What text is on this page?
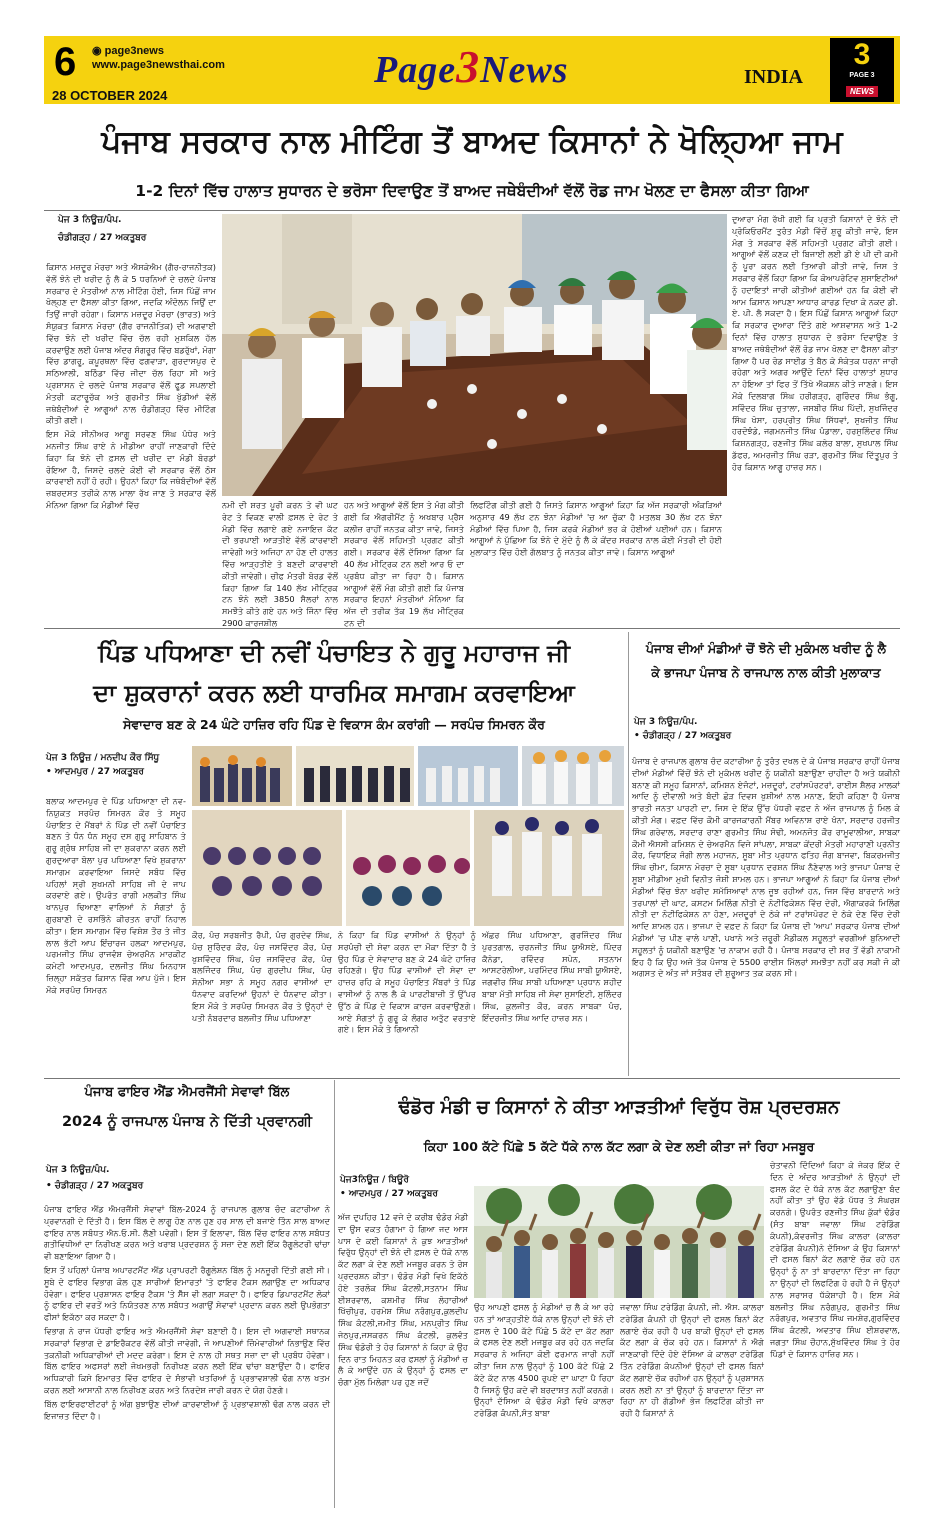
6 ◉ page3news
www.page3newsthai.com
28 OCTOBER 2024
Page3News	INDIA
3
PAGE 3
NEWS
ਪੰਜਾਬ ਸਰਕਾਰ ਨਾਲ ਮੀਟਿੰਗ ਤੋਂ ਬਾਅਦ ਕਿਸਾਨਾਂ ਨੇ ਖੋਲ੍ਹਿਆ ਜਾਮ
1-2 ਦਿਨਾਂ ਵਿੱਚ ਹਾਲਾਤ ਸੁਧਾਰਨ ਦੇ ਭਰੋਸਾ ਦਿਵਾਉਣ ਤੋਂ ਬਾਅਦ ਜਥੇਬੰਦੀਆਂ ਵੱਲੋਂ ਰੋਡ ਜਾਮ ਖੋਲਣ ਦਾ ਫੈਸਲਾ ਕੀਤਾ ਗਿਆ
ਪੇਜ 3 ਨਿਊਜ਼/ਪੰਪ.
ਚੰਡੀਗੜ੍ਹ / 27 ਅਕਤੂਬਰ

ਕਿਸਾਨ ਮਜ਼ਦੂਰ ਮੋਰਚਾ ਅਤੇ ਐਸਕੇਐਮ (ਗੈਰ-ਰਾਜਨੀਤਕ) ਵੱਲੋਂ ਝੋਨੇ ਦੀ ਖਰੀਦ ਨੂੰ ਲੈ ਕੇ 5 ਧਰਨਿਆਂ ਦੇ ਚਲਦੇ ਪੰਜਾਬ ਸਰਕਾਰ ਦੇ ਮੰਤਰੀਆਂ ਨਾਲ ਮੀਟਿੰਗ ਹੋਈ, ਜਿਸ ਪਿੱਛੋਂ ਜਾਮ ਖੋਲ੍ਹਣ ਦਾ ਫੈਸਲਾ ਕੀਤਾ ਗਿਆ, ਜਦਕਿ ਅੰਦੋਲਨ ਜਿਉਂ ਦਾ ਤਿਉਂ ਜਾਰੀ ਰਹੇਗਾ। ਕਿਸਾਨ ਮਜ਼ਦੂਰ ਮੋਰਚਾ (ਭਾਰਤ) ਅਤੇ ਸੰਯੁਕਤ ਕਿਸਾਨ ਮੋਰਚਾ (ਗੈਰ ਰਾਜਨੀਤਿਕ) ਦੀ ਅਗਵਾਈ ਵਿੱਚ ਝੋਨੇ ਦੀ ਖਰੀਦ ਵਿੱਚ ਚੱਲ ਰਹੀ ਮੁਸ਼ਕਿਲ ਹੱਲ ਕਰਵਾਉਣ ਲਈ ਪੰਜਾਬ ਅੰਦਰ ਸੰਗਰੂਰ ਵਿੱਚ ਬਡਰੁੱਖਾਂ, ਮੋਗਾ ਵਿੱਚ ਡਾਗਰੂ, ਕਪੂਰਥਲਾ ਵਿੱਚ ਫਗਵਾੜਾ, ਗੁਰਦਾਸਪੁਰ ਦੇ ਸਠਿਆਲੀ, ਬਠਿੰਡਾ ਵਿੱਚ ਜੀਦਾ ਚੱਲ ਰਿਹਾ ਸੀ ਅਤੇ ਪ੍ਰਸ਼ਾਸਨ ਦੇ ਚਲਦੇ ਪੰਜਾਬ ਸਰਕਾਰ ਵੱਲੋਂ ਫੂਡ ਸਪਲਾਈ ਮੰਤਰੀ ਕਟਾਰੂਚੱਕ ਅਤੇ ਗੁਰਮੀਤ ਸਿੰਘ ਖੁੱਡੀਆਂ ਵੱਲੋਂ ਜਥੇਬੰਦੀਆਂ ਦੇ ਆਗੂਆਂ ਨਾਲ ਚੰਡੀਗੜ੍ਹ ਵਿੱਚ ਮੀਟਿੰਗ ਕੀਤੀ ਗਈ।

ਇਸ ਮੌਕੇ ਸੀਨੀਅਰ ਆਗੂ ਸਰਵਣ ਸਿੰਘ ਪੰਧੇਰ ਅਤੇ ਮਨਜੀਤ ਸਿੰਘ ਰਾਏ ਨੇ ਮੀਡੀਆ ਰਾਹੀਂ ਜਾਣਕਾਰੀ ਦਿੰਦੇ ਕਿਹਾ ਕਿ ਝੋਨੇ ਦੀ ਫ਼ਸਲ ਦੀ ਖਰੀਦ ਦਾ ਮੰਡੀ ਬੋਰਡਾਂ ਰੋਇਆ ਹੈ, ਜਿਸਦੇ ਚਲਦੇ ਕੋਈ ਵੀ ਸਰਕਾਰ ਵੱਲੋਂ ਠੋਸ ਕਾਰਵਾਈ ਨਹੀਂ ਹੋ ਰਹੀ। ਉਹਨਾਂ ਕਿਹਾ ਕਿ ਜਥੇਬੰਦੀਆਂ ਵੱਲੋਂ ਜ਼ਬਰਦਸਤ ਤਰੀਕੇ ਨਾਲ ਮਾਲਾ ਰੱਖ ਜਾਣ ਤੇ ਸਰਕਾਰ ਵੱਲੋਂ ਮੰਨਿਆ ਗਿਆ ਕਿ ਮੰਡੀਆਂ ਵਿੱਚ	ਨਮੀ ਦੀ ਸ਼ਰਤ ਪੂਰੀ ਕਰਨ ਤੇ ਵੀ ਘਟ ਰੇਟ ਤੇ ਵਿਕਣ ਵਾਲੀ ਫ਼ਸਲ ਦੇ ਰੇਟ ਤੇ ਮੰਡੀ ਵਿੱਚ ਲਗਾਏ ਗਏ ਨਜਾਇਜ਼ ਕੱਟ ਦੀ ਭਰਪਾਈ ਆੜਤੀਏ ਵੱਲੋਂ ਕਾਰਵਾਈ ਜਾਵੇਗੀ ਅਤੇ ਅਜਿਹਾ ਨਾ ਹੋਣ ਦੀ ਹਾਲਤ ਵਿੱਚ ਆੜ੍ਹਤੀਏ ਤੇ ਬਣਦੀ ਕਾਰਵਾਈ ਕੀਤੀ ਜਾਵੇਗੀ। ਚੀਫ ਮੰਤਰੀ ਬੋਰਡ ਵੱਲੋਂ ਕਿਹਾ ਗਿਆ ਕਿ 140 ਲੱਖ ਮੀਟ੍ਰਿਕ ਟਨ ਝੋਨੇ ਲਈ 3850 ਸੈਲਰਾਂ ਨਾਲ ਸਮਝੌਤੇ ਕੀਤੇ ਗਏ ਹਨ ਅਤੇ ਜਿੰਨਾ ਵਿੱਚ 2900 ਕਾਰਜਸ਼ੀਲ

ਹਨ ਅਤੇ ਆਗੂਆਂ ਵੱਲੋਂ ਇਸ ਤੇ ਮੰਗ ਕੀਤੀ ਗਈ ਕਿ ਐਗਰੀਮੈਂਟ ਨੂੰ ਅਖਬਾਰ ਪ੍ਰੈਸ ਕਲੀਜ਼ ਰਾਹੀਂ ਜਨਤਕ ਕੀਤਾ ਜਾਵੇ, ਜਿਸਤੇ ਸਰਕਾਰ ਵੱਲੋਂ ਸਹਿਮਤੀ ਪ੍ਰਗਟ ਕੀਤੀ ਗਈ। ਸਰਕਾਰ ਵੱਲੋਂ ਦੱਸਿਆ ਗਿਆ ਕਿ 40 ਲੱਖ ਮੀਟ੍ਰਿਕ ਟਨ ਲਈ ਆਰ ਓ ਦਾ ਪ੍ਰਬੰਧ ਕੀਤਾ ਜਾ ਰਿਹਾ ਹੈ। ਕਿਸਾਨ ਆਗੂਆਂ ਵੱਲੋਂ ਮੰਗ ਕੀਤੀ ਗਈ ਕਿ ਪੰਜਾਬ ਸਰਕਾਰ ਇਹਨਾਂ ਮੰਤਰੀਆਂ ਮੰਨਿਆ ਕਿ ਅੱਜ ਦੀ ਤਰੀਕ ਤੱਕ 19 ਲੱਖ ਮੀਟ੍ਰਿਕ ਟਨ ਦੀ

ਲਿਫਟਿੰਗ ਕੀਤੀ ਗਈ ਹੈ ਜਿਸਤੇ ਕਿਸਾਨ ਆਗੂਆਂ ਕਿਹਾ ਕਿ ਅੱਜ ਸਰਕਾਰੀ ਅੰਕੜਿਆਂ ਅਨੁਸਾਰ 49 ਲੱਖ ਟਨ ਝੋਨਾ ਮੰਡੀਆਂ 'ਚ ਆ ਚੁੱਕਾ ਹੈ ਮਤਲਬ 30 ਲੱਖ ਟਨ ਝੋਨਾ ਮੰਡੀਆਂ ਵਿੱਚ ਪਿਆ ਹੈ, ਜਿਸ ਕਰਕੇ ਮੰਡੀਆਂ ਭਰ ਕੇ ਹੋਈਆਂ ਪਈਆਂ ਹਨ। ਕਿਸਾਨ ਆਗੂਆਂ ਨੇ ਪੁੱਛਿਆ ਕਿ ਝੋਨੇ ਦੇ ਮੁੱਦੇ ਨੂੰ ਲੈ ਕੇ ਕੇਂਦਰ ਸਰਕਾਰ ਨਾਲ ਕੋਈ ਮੰਤਰੀ ਦੀ ਹੋਈ ਮੁਲਾਕਾਤ ਵਿੱਚ ਹੋਈ ਗੱਲਬਾਤ ਨੂੰ ਜਨਤਕ ਕੀਤਾ ਜਾਵੇ। ਕਿਸਾਨ ਆਗੂਆਂ

ਦੁਆਰਾ ਮੰਗ ਰੱਖੀ ਗਈ ਕਿ ਪ੍ਰਤੀ ਕਿਸਾਨਾਂ ਦੇ ਝੋਨੇ ਦੀ ਪ੍ਰੋਕਿਓਰਮੈਂਟ ਤੁਰੰਤ ਮੰਡੀ ਵਿੱਚੋਂ ਸ਼ੁਰੂ ਕੀਤੀ ਜਾਵੇ, ਇਸ ਮੰਗ ਤੇ ਸਰਕਾਰ ਵੱਲੋਂ ਸਹਿਮਤੀ ਪ੍ਰਗਟ ਕੀਤੀ ਗਈ। ਆਗੂਆਂ ਵੱਲੋਂ ਕਣਕ ਦੀ ਬਿਜਾਈ ਲਈ ਡੀ ਏ ਪੀ ਦੀ ਕਮੀ ਨੂੰ ਪੂਰਾ ਕਰਨ ਲਈ ਤਿਆਰੀ ਕੀਤੀ ਜਾਵੇ, ਜਿਸ ਤੇ ਸਰਕਾਰ ਵੱਲੋਂ ਕਿਹਾ ਗਿਆ ਕਿ ਕੋਆਪਰੇਟਿਵ ਸੁਸਾਇਟੀਆਂ ਨੂੰ ਹਦਾਇਤਾਂ ਜਾਰੀ ਕੀਤੀਆਂ ਗਈਆਂ ਹਨ ਕਿ ਕੋਈ ਵੀ ਆਮ ਕਿਸਾਨ ਆਪਣਾ ਆਧਾਰ ਕਾਰਡ ਦਿਖਾ ਕੇ ਨਕਦ ਡੀ. ਏ. ਪੀ. ਲੈ ਸਕਦਾ ਹੈ। ਇਸ ਪਿੱਛੋਂ ਕਿਸਾਨ ਆਗੂਆਂ ਕਿਹਾ ਕਿ ਸਰਕਾਰ ਦੁਆਰਾ ਦਿੱਤੇ ਗਏ ਆਸ਼ਵਾਸਨ ਅਤੇ 1-2 ਦਿਨਾਂ ਵਿੱਚ ਹਾਲਾਤ ਸੁਧਾਰਨ ਦੇ ਭਰੋਸਾ ਦਿਵਾਉਣ ਤੇ ਬਾਅਦ ਜਥੇਬੰਦੀਆਂ ਵੱਲੋਂ ਰੋਡ ਜਾਮ ਖੋਲਣ ਦਾ ਫੈਸਲਾ ਕੀਤਾ ਗਿਆ ਹੈ ਪਰ ਰੋਡ ਸਾਈਡ ਤੇ ਬੈਠ ਕੇ ਸੰਕੇਤਕ ਧਰਨਾ ਜਾਰੀ ਰਹੇਗਾ ਅਤੇ ਅਗਰ ਆਉਂਦੇ ਦਿਨਾਂ ਵਿੱਚ ਹਾਲਾਤਾਂ ਸੁਧਾਰ ਨਾ ਹੋਇਆ ਤਾਂ ਫਿਰ ਤੋਂ ਤਿੱਖੇ ਐਕਸ਼ਨ ਕੀਤੇ ਜਾਣਗੇ। ਇਸ ਮੌਕੇ ਦਿਲਬਾਗ ਸਿੰਘ ਹਰੀਗੜ੍ਹ, ਗੁਰਿੰਦਰ ਸਿੰਘ ਭੰਗੂ, ਸਵਿੰਦਰ ਸਿੰਘ ਚੁਤਾਲਾ, ਜਸਬੀਰ ਸਿੰਘ ਪਿੱਦੀ, ਸੁਖਜਿੰਦਰ ਸਿੰਘ ਖੋਸਾ, ਹਰਪ੍ਰੀਤ ਸਿੰਘ ਸਿੱਧਵਾਂ, ਸੁਖਜੀਤ ਸਿੰਘ ਹਰਦੋਝੰਡੇ, ਜਗਮਨਜੀਤ ਸਿੰਘ ਪੰਡਾਲਾ, ਹਰਸੁਲਿੰਦਰ ਸਿੰਘ ਕਿਸ਼ਨਗੜ੍ਹ, ਰਣਜੀਤ ਸਿੰਘ ਕਲੇਰ ਬਾਲਾ, ਸੁਖਪਾਲ ਸਿੰਘ ਡੱਫਰ, ਅਮਰਜੀਤ ਸਿੰਘ ਰੜਾ, ਗੁਰਮੀਤ ਸਿੰਘ ਦਿੱਤੂਪੁਰ ਤੇ ਹੋਰ ਕਿਸਾਨ ਆਗੂ ਹਾਜ਼ਰ ਸਨ।

ਪਿੰਡ ਪਧਿਆਣਾ ਦੀ ਨਵੀਂ ਪੰਚਾਇਤ ਨੇ ਗੁਰੂ ਮਹਾਰਾਜ ਜੀ
ਦਾ ਸ਼ੁਕਰਾਨਾਂ ਕਰਨ ਲਈ ਧਾਰਮਿਕ ਸਮਾਗਮ ਕਰਵਾਇਆ
ਸੇਵਾਦਾਰ ਬਣ ਕੇ 24 ਘੰਟੇ ਹਾਜ਼ਿਰ ਰਹਿ ਪਿੰਡ ਦੇ ਵਿਕਾਸ ਕੰਮ ਕਰਾਂਗੀ — ਸਰਪੰਚ ਸਿਮਰਨ ਕੌਰ
ਪੇਜ 3 ਨਿਊਜ਼ / ਮਨਦੀਪ ਕੌਰ ਸਿੱਧੂ
• ਆਦਮਪੁਰ / 27 ਅਕਤੂਬਰ

ਬਲਾਕ ਆਦਮਪੁਰ ਦੇ ਪਿੰਡ ਪਧਿਆਣਾ ਦੀ ਨਵ-ਨਿਯੁਕਤ ਸਰਪੰਚ ਸਿਮਰਨ ਕੌਰ ਤੇ ਸਮੂਹ ਪੰਚਾਇਤ ਦੇ ਮੈਂਬਰਾਂ ਨੇ ਪਿੰਡ ਦੀ ਨਵੀਂ ਪੰਚਾਇਤ ਬਣਨ ਤੇ ਧੰਨ ਧੰਨ ਸਮੂਹ ਦਸ ਗੁਰੂ ਸਾਹਿਬਾਨ ਤੇ ਗੁਰੂ ਗ੍ਰੰਥ ਸਾਹਿਬ ਜੀ ਦਾ ਸ਼ੁਕਰਾਨਾ ਕਰਨ ਲਈ ਗੁਰਦੁਆਰਾ ਬੋਲਾ ਪੁਰ ਪਧਿਆਣਾ ਵਿਖੇ ਸ਼ੁਕਰਾਨਾ ਸਮਾਗਮ ਕਰਵਾਇਆ ਜਿਸਦੇ ਸਬੰਧ ਵਿੱਚ ਪਹਿਲਾਂ ਸ੍ਰੀ ਸੁਖਮਨੀ ਸਾਹਿਬ ਜੀ ਦੇ ਜਾਪ ਕਰਵਾਏ ਗਏ। ਉਪਰੰਤ ਰਾਗੀ ਮਲਕੀਤ ਸਿੰਘ ਖਾਨਪੁਰ ਢਿਆਣਾ ਵਾਲਿਆਂ ਨੇ ਸੰਗਤਾਂ ਨੂੰ ਗੁਰਬਾਣੀ ਦੇ ਰਸਭਿੰਨੇ ਕੀਰਤਨ ਰਾਹੀਂ ਨਿਹਾਲ ਕੀਤਾ। ਇਸ ਸਮਾਗਮ ਵਿੱਚ ਵਿਸ਼ੇਸ਼ ਤੌਰ ਤੇ ਜੀਤ ਲਾਲ ਭੱਟੀ ਆਪ ਇੰਚਾਰਜ ਹਲਕਾ ਆਦਮਪੁਰ, ਪਰਮਜੀਤ ਸਿੰਘ ਰਾਜਵੰਸ਼ ਚੇਅਰਮੈਨ ਮਾਰਕੀਟ ਕਮੇਟੀ ਆਦਮਪੁਰ, ਦਲਜੀਤ ਸਿੰਘ ਮਿਨਹਾਸ ਜ਼ਿਲ੍ਹਾ ਸਕੱਤਰ ਕਿਸਾਨ ਵਿੰਗ ਆਪ ਪੁੱਜੇ। ਇਸ ਮੌਕੇ ਸਰਪੰਚ ਸਿਮਰਨ

ਕੌਰ, ਪੰਚ ਸਰਬਜੀਤ ਰੈਪੀ, ਪੰਚ ਗੁਰਦੇਵ ਸਿੰਘ, ਪੰਚ ਸੁਰਿੰਦਰ ਕੌਰ, ਪੰਚ ਜਸਵਿੰਦਰ ਕੌਰ, ਪੰਚ ਖੁਸ਼ਵਿੰਦਰ ਸਿੰਘ, ਪੰਚ ਜਸਵਿੰਦਰ ਕੌਰ, ਪੰਚ ਬਲਜਿੰਦਰ ਸਿੰਘ, ਪੰਚ ਗੁਰਦੀਪ ਸਿੰਘ, ਪੰਚ ਸੋਨੀਆ ਸਭਾ ਨੇ ਸਮੂਹ ਨਗਰ ਵਾਸੀਆਂ ਦਾ ਧੰਨਵਾਦ ਕਰਦਿਆਂ ਉਹਨਾਂ ਦੇ ਧੰਨਵਾਦ ਕੀਤਾ। ਇਸ ਮੌਕੇ ਤੇ ਸਰਪੰਚ ਸਿਮਰਨ ਕੌਰ ਤੇ ਉਨ੍ਹਾਂ ਦੇ ਪਤੀ ਨੰਬਰਦਾਰ ਬਲਜੀਤ ਸਿੰਘ ਪਧਿਆਣਾ

ਨੇ ਕਿਹਾ ਕਿ ਪਿੰਡ ਵਾਸੀਆਂ ਨੇ ਉਨ੍ਹਾਂ ਨੂੰ ਸਰਪੰਚੀ ਦੀ ਸੇਵਾ ਕਰਨ ਦਾ ਮੌਕਾ ਦਿੱਤਾ ਹੈ ਤੇ ਉਹ ਪਿੰਡ ਦੇ ਸੇਵਾਦਾਰ ਬਣ ਕੇ 24 ਘੰਟੇ ਹਾਜ਼ਿਰ ਰਹਿਣਗੇ। ਉਹ ਪਿੰਡ ਵਾਸੀਆਂ ਦੀ ਸੇਵਾ ਦਾ ਹਾਜ਼ਰ ਰਹਿ ਕੇ ਸਮੂਹ ਪੰਚਾਇਤ ਮੈਂਬਰਾਂ ਤੇ ਪਿੰਡ ਵਾਸੀਆਂ ਨੂੰ ਨਾਲ ਲੈ ਕੇ ਪਾਰਟੀਬਾਜ਼ੀ ਤੋਂ ਉੱਪਰ ਉੱਠ ਕੇ ਪਿੰਡ ਦੇ ਵਿਕਾਸ ਕਾਰਜ ਕਰਵਾਉਣਗੇ। ਆਏ ਸੰਗਤਾਂ ਨੂੰ ਗੁਰੂ ਕੇ ਲੰਗਰ ਅਤੁੱਟ ਵਰਤਾਏ ਗਏ। ਇਸ ਮੌਕੇ ਤੇ ਗਿਆਨੀ

ਅੱਛਰ ਸਿੰਘ ਪਧਿਆਣਾ, ਗੁਰਜਿੰਦਰ ਸਿੰਘ ਪੁਰਤਗਾਲ, ਚਰਨਜੀਤ ਸਿੰਘ ਯੂਐਸਏ, ਪਿੰਦਰ ਕੈਨੇਡਾ, ਰਵਿੰਦਰ ਸਪੇਨ, ਸਤਨਾਮ ਆਸਟਰੇਲੀਆ, ਪਰਮਿੰਦਰ ਸਿੰਘ ਸਾਬੀ ਯੂਐਸਏ, ਜਗਵੀਰ ਸਿੰਘ ਸਾਬੀ ਪਧਿਆਣਾ ਪ੍ਰਧਾਨ ਸ਼ਹੀਦ ਬਾਬਾ ਮੱਤੀ ਸਾਹਿਬ ਜੀ ਸੇਵਾ ਸੁਸਾਇਟੀ, ਸੁਲਿੰਦਰ ਸਿੰਘ, ਕੁਲਜੀਤ ਕੌਰ, ਕਰਨ ਸਾਬਕਾ ਪੰਚ, ਇੰਦਰਜੀਤ ਸਿੰਘ ਆਦਿ ਹਾਜ਼ਰ ਸਨ।

ਪੰਜਾਬ ਦੀਆਂ ਮੰਡੀਆਂ ਚੋਂ ਝੋਨੇ ਦੀ ਮੁਕੰਮਲ ਖਰੀਦ ਨੂੰ ਲੈ
ਕੇ ਭਾਜਪਾ ਪੰਜਾਬ ਨੇ ਰਾਜਪਾਲ ਨਾਲ ਕੀਤੀ ਮੁਲਾਕਾਤ
ਪੇਜ 3 ਨਿਊਜ਼/ਪੰਪ.
• ਚੰਡੀਗੜ੍ਹ / 27 ਅਕਤੂਬਰ

ਪੰਜਾਬ ਦੇ ਰਾਜਪਾਲ ਗੁਲਾਬ ਚੰਦ ਕਟਾਰੀਆ ਨੂੰ ਤੁਰੰਤ ਦਖਲ ਦੇ ਕੇ ਪੰਜਾਬ ਸਰਕਾਰ ਰਾਹੀਂ ਪੰਜਾਬ ਦੀਆਂ ਮੰਡੀਆਂ ਵਿੱਚੋਂ ਝੋਨੇ ਦੀ ਮੁਕੰਮਲ ਖਰੀਦ ਨੂੰ ਯਕੀਨੀ ਬਣਾਉਣਾ ਚਾਹੀਦਾ ਹੈ ਅਤੇ ਯਕੀਨੀ ਬਨਾਣ ਕੀ ਸਮੂਹ ਕਿਸਾਨਾਂ, ਕਮਿਸ਼ਨ ਏਜੰਟਾਂ, ਮਜ਼ਦੂਰਾਂ, ਟਰਾਂਸਪੋਰਟਰਾਂ, ਰਾਈਸ ਸ਼ੈਲਰ ਮਾਲਕਾਂ ਆਦਿ ਨੂੰ ਦੀਵਾਲੀ ਅਤੇ ਬੰਦੀ ਛੋੜ ਦਿਵਸ ਖੁਸ਼ੀਆਂ ਨਾਲ ਮਨਾਣ, ਇਹੀ ਕਹਿਣਾ ਹੈ ਪੰਜਾਬ ਭਾਰਤੀ ਜਨਤਾ ਪਾਰਟੀ ਦਾ, ਜਿਸ ਦੇ ਇੱਕ ਉੱਚ ਪੱਧਰੀ ਵਫ਼ਦ ਨੇ ਅੱਜ ਰਾਜਪਾਲ ਨੂੰ ਮਿਲ ਕੇ ਕੀਤੀ ਮੰਗ। ਵਫ਼ਦ ਵਿੱਚ ਕੌਮੀ ਕਾਰਜਕਾਰਨੀ ਮੈਂਬਰ ਅਵਿਨਾਸ਼ ਰਾਏ ਖੰਨਾ, ਸਰਦਾਰ ਹਰਜੀਤ ਸਿੰਘ ਗਰੇਵਾਲ, ਸਰਦਾਰ ਰਾਣਾ ਗੁਰਮੀਤ ਸਿੰਘ ਸੋਢੀ, ਅਮਨਜੋਤ ਕੌਰ ਰਾਮੂਵਾਲੀਆ, ਸਾਬਕਾ ਕੌਮੀ ਐਸਸੀ ਕਮਿਸ਼ਨ ਦੇ ਚੇਅਰਮੈਨ ਵਿਜੇ ਸਾਂਪਲਾ, ਸਾਬਕਾ ਕੇਂਦਰੀ ਮੰਤਰੀ ਮਹਾਰਾਣੀ ਪ੍ਰਨੀਤ ਕੌਰ, ਵਿਧਾਇਕ ਜੰਗੀ ਲਾਲ ਮਹਾਜਨ, ਸੂਬਾ ਮੀਤ ਪ੍ਰਧਾਨ ਫਤਿਹ ਜੰਗ ਬਾਜਵਾ, ਬਿਕਰਮਜੀਤ ਸਿੰਘ ਚੀਮਾ, ਕਿਸਾਨ ਮੋਰਚਾ ਦੇ ਸੂਬਾ ਪ੍ਰਧਾਨ ਦਰਸ਼ਨ ਸਿੰਘ ਨੈਣੇਵਾਲ ਅਤੇ ਭਾਜਪਾ ਪੰਜਾਬ ਦੇ ਸੂਬਾ ਮੀਡੀਆ ਮੁਖੀ ਵਿਨੀਤ ਜੋਸ਼ੀ ਸ਼ਾਮਲ ਹਨ। ਭਾਜਪਾ ਆਗੂਆਂ ਨੇ ਕਿਹਾ ਕਿ ਪੰਜਾਬ ਦੀਆਂ ਮੰਡੀਆਂ ਵਿੱਚ ਝੋਨਾ ਖਰੀਦ ਸਮੱਸਿਆਵਾਂ ਨਾਲ ਜੂਝ ਰਹੀਆਂ ਹਨ, ਜਿਸ ਵਿੱਚ ਬਾਰਦਾਨੇ ਅਤੇ ਤਰਪਾਲਾਂ ਦੀ ਘਾਟ, ਕਸਟਮ ਮਿਲਿੰਗ ਨੀਤੀ ਦੇ ਨੋਟੀਫਿਕੇਸ਼ਨ ਵਿੱਚ ਦੇਰੀ, ਐਗਾਕਰਕੇ ਮਿਲਿੰਗ ਨੀਤੀ ਦਾ ਨੋਟੀਫਿਕੇਸ਼ਨ ਨਾ ਹੋਣਾ, ਮਜ਼ਦੂਰਾਂ ਦੇ ਠੇਕੇ ਜਾਂ ਟਰਾਂਸਪੋਰਟ ਦੇ ਠੇਕੇ ਦੇਣ ਵਿੱਚ ਦੇਰੀ ਆਦਿ ਸ਼ਾਮਲ ਹਨ। ਭਾਜਪਾ ਦੇ ਵਫ਼ਦ ਨੇ ਕਿਹਾ ਕਿ ਪੰਜਾਬ ਦੀ 'ਆਪ' ਸਰਕਾਰ ਪੰਜਾਬ ਦੀਆਂ ਮੰਡੀਆਂ 'ਚ ਪੀਣ ਵਾਲੇ ਪਾਣੀ, ਪਖਾਨੇ ਅਤੇ ਜ਼ਰੂਰੀ ਮੈਡੀਕਲ ਸਹੂਲਤਾਂ ਵਰਗੀਆਂ ਬੁਨਿਆਦੀ ਸਹੂਲਤਾਂ ਨੂੰ ਯਕੀਨੀ ਬਣਾਉਣ 'ਚ ਨਾਕਾਮ ਰਹੀ ਹੈ। ਪੰਜਾਬ ਸਰਕਾਰ ਦੀ ਸ਼ਰ ਤੋਂ ਵੱਡੀ ਨਾਕਾਮੀ ਇਹ ਹੈ ਕਿ ਉਹ ਅਜੇ ਤੱਕ ਪੰਜਾਬ ਦੇ 5500 ਰਾਈਸ ਮਿੱਲਰਾਂ ਸਮਝੌਤਾ ਨਹੀਂ ਕਰ ਸਕੀ ਜੋ ਕੀ ਅਗਸਤ ਦੇ ਅੰਤ ਜਾਂ ਸਤੰਬਰ ਦੀ ਸ਼ੁਰੂਆਤ ਤਕ ਕਰਨ ਸੀ।

ਪੰਜਾਬ ਫਾਇਰ ਐਂਡ ਐਮਰਜੈਂਸੀ ਸੇਵਾਵਾਂ ਬਿੱਲ
2024 ਨੂੰ ਰਾਜਪਾਲ ਪੰਜਾਬ ਨੇ ਦਿੱਤੀ ਪ੍ਰਵਾਨਗੀ
ਪੇਜ 3 ਨਿਊਜ਼/ਪੰਪ.
• ਚੰਡੀਗੜ੍ਹ / 27 ਅਕਤੂਬਰ

ਪੰਜਾਬ ਫਾਇਰ ਐਂਡ ਐਮਰਜੈਂਸੀ ਸੇਵਾਵਾਂ ਬਿੱਲ-2024 ਨੂੰ ਰਾਜਪਾਲ ਗੁਲਾਬ ਚੰਦ ਕਟਾਰੀਆ ਨੇ ਪ੍ਰਵਾਨਗੀ ਦੇ ਦਿੱਤੀ ਹੈ। ਇਸ ਬਿੱਲ ਦੇ ਲਾਗੂ ਹੋਣ ਨਾਲ ਹੁਣ ਹਰ ਸਾਲ ਦੀ ਬਜਾਏ ਤਿੰਨ ਸਾਲ ਬਾਅਦ ਫਾਇਰ ਨਾਲ ਸਬੰਧਤ ਐਨ.ਓ.ਸੀ. ਲੈਣੀ ਪਵੇਗੀ। ਇਸ ਤੋਂ ਇਲਾਵਾ, ਬਿੱਲ ਵਿੱਚ ਫਾਇਰ ਨਾਲ ਸਬੰਧਤ ਗਤੀਵਿਧੀਆਂ ਦਾ ਨਿਰੀਖਣ ਕਰਨ ਅਤੇ ਖਰਾਬ ਪ੍ਰਦਰਸ਼ਨ ਨੂੰ ਸਜ਼ਾ ਦੇਣ ਲਈ ਇੱਕ ਰੈਗੂਲੇਟਰੀ ਢਾਂਚਾ ਵੀ ਬਣਾਇਆ ਗਿਆ ਹੈ।

ਇਸ ਤੋਂ ਪਹਿਲਾਂ ਪੰਜਾਬ ਅਪਾਰਟਮੈਂਟ ਐਂਡ ਪ੍ਰਾਪਰਟੀ ਰੈਗੂਲੇਸ਼ਨ ਬਿੱਲ ਨੂੰ ਮਨਜ਼ੂਰੀ ਦਿੱਤੀ ਗਈ ਸੀ। ਸੂਬੇ ਦੇ ਫਾਇਰ ਵਿਭਾਗ ਕੋਲ ਹੁਣ ਸਾਰੀਆਂ ਇਮਾਰਤਾਂ 'ਤੇ ਫਾਇਰ ਟੈਕਸ ਲਗਾਉਣ ਦਾ ਅਧਿਕਾਰ ਹੋਵੇਗਾ। ਫਾਇਰ ਪ੍ਰਸ਼ਾਸਨ ਫਾਇਰ ਟੈਕਸ 'ਤੇ ਸੈੱਸ ਵੀ ਲਗਾ ਸਕਦਾ ਹੈ। ਫਾਇਰ ਡਿਪਾਰਟਮੈਂਟ ਲੋਕਾਂ ਨੂੰ ਫਾਇਰ ਦੀ ਵਰਤੋਂ ਅਤੇ ਨਿਯੰਤਰਣ ਨਾਲ ਸਬੰਧਤ ਅਗਾਉਂ ਸੇਵਾਵਾਂ ਪ੍ਰਦਾਨ ਕਰਨ ਲਈ ਉਪਭੋਗਤਾ ਫੀਸਾਂ ਇਕੱਠਾ ਕਰ ਸਕਦਾ ਹੈ।

ਵਿਭਾਗ ਨੇ ਰਾਜ ਪੱਧਰੀ ਫਾਇਰ ਅਤੇ ਐਮਰਜੈਂਸੀ ਸੇਵਾ ਬਣਾਈ ਹੈ। ਇਸ ਦੀ ਅਗਵਾਈ ਸਥਾਨਕ ਸਰਕਾਰਾਂ ਵਿਭਾਗ ਦੇ ਡਾਇਰੈਕਟਰ ਵੱਲੋਂ ਕੀਤੀ ਜਾਵੇਗੀ, ਜੋ ਆਪਣੀਆਂ ਜ਼ਿੰਮੇਵਾਰੀਆਂ ਨਿਭਾਉਣ ਵਿੱਚ ਤਕਨੀਕੀ ਅਧਿਕਾਰੀਆਂ ਦੀ ਮਦਦ ਕਰੇਗਾ। ਇਸ ਦੇ ਨਾਲ ਹੀ ਸਥਤ ਸਜ਼ਾ ਦਾ ਵੀ ਪ੍ਰਬੰਧ ਹੋਵੇਗਾ। ਬਿੱਲ ਫਾਇਰ ਅਫਸਰਾਂ ਲਈ ਜੋਖਮਭਰੀ ਨਿਰੀਖਣ ਕਰਨ ਲਈ ਇੱਕ ਢਾਂਚਾ ਬਣਾਉਂਦਾ ਹੈ। ਫਾਇਰ ਅਧਿਕਾਰੀ ਕਿਸੇ ਇਮਾਰਤ ਵਿੱਚ ਫਾਇਰ ਦੇ ਸੰਭਾਵੀ ਖਤਰਿਆਂ ਨੂੰ ਪ੍ਰਭਾਵਸ਼ਾਲੀ ਢੰਗ ਨਾਲ ਖਤਮ ਕਰਨ ਲਈ ਆਸਾਨੀ ਨਾਲ ਨਿਰੀਖਣ ਕਰਨ ਅਤੇ ਨਿਰਦੇਸ਼ ਜਾਰੀ ਕਰਨ ਦੇ ਯੋਗ ਹੋਣਗੇ।

ਬਿੱਲ ਫਾਇਰਫਾਈਟਰਾਂ ਨੂੰ ਅੱਗ ਬੁਝਾਉਣ ਦੀਆਂ ਕਾਰਵਾਈਆਂ ਨੂੰ ਪ੍ਰਭਾਵਸ਼ਾਲੀ ਢੰਗ ਨਾਲ ਕਰਨ ਦੀ ਇਜਾਜ਼ਤ ਦਿੰਦਾ ਹੈ।

ਢੰਡੋਰ ਮੰਡੀ ਚ ਕਿਸਾਨਾਂ ਨੇ ਕੀਤਾ ਆੜਤੀਆਂ ਵਿਰੁੱਧ ਰੋਸ਼ ਪ੍ਰਦਰਸ਼ਨ
ਕਿਹਾ 100 ਕੱਟੇ ਪਿੱਛੇ 5 ਕੱਟੇ ਧੱਕੇ ਨਾਲ ਕੱਟ ਲਗਾ ਕੇ ਦੇਣ ਲਈ ਕੀਤਾ ਜਾਂ ਰਿਹਾ ਮਜਬੂਰ
ਪੇਜ3ਨਿਊਜ਼ / ਬਿਊਰੋ
• ਆਦਮਪੁਰ / 27 ਅਕਤੂਬਰ

ਅੱਜ ਦੁਪਹਿਰ 12 ਵਜੇ ਦੇ ਕਰੀਬ ਢੰਡੋਰ ਮੰਡੀ ਦਾ ਉਸ ਵਕਤ ਹੰਗਾਮਾ ਹੋ ਗਿਆ ਜਦ ਆਸ ਪਾਸ ਦੇ ਕਈ ਕਿਸਾਨਾਂ ਨੇ ਕੁਝ ਆੜਤੀਆਂ ਵਿਰੁੱਧ ਉਨ੍ਹਾਂ ਦੀ ਝੋਨੇ ਦੀ ਫ਼ਸਲ ਦੇ ਧੱਕੇ ਨਾਲ ਕੱਟ ਲਗਾ ਕੇ ਦੇਣ ਲਈ ਮਜਬੂਰ ਕਰਨ ਤੇ ਰੋਸ ਪ੍ਰਦਰਸ਼ਨ ਕੀਤਾ। ਢੰਡੋਰ ਮੰਡੀ ਵਿਖੇ ਇਕੱਠੇ ਹੋਏ ਤਰਲੋਕ ਸਿੰਘ ਕੰਟਲੀ,ਸਤਨਾਮ ਸਿੰਘ ਈਸ਼ਰਵਾਲ, ਕਸ਼ਮੀਰ ਸਿੰਘ ਲੋਹਾਰੀਆਂ ਖਿੱਚੀਪੁਰ, ਹਰਮੇਸ਼ ਸਿੰਘ ਨਰੰਗਪੁਰ,ਕੁਲਦੀਪ ਸਿੰਘ ਕੰਟਲੀ,ਜਮੀਤ ਸਿੰਘ, ਮਨਪ੍ਰੀਤ ਸਿੰਘ ਜੇਠਪੁਰ,ਜਸਕਰਨ ਸਿੰਘ ਕੰਟਲੀ, ਕੁਲਵੰਤ ਸਿੰਘ ਢੰਡੋਰੀ ਤੇ ਹੋਰ ਕਿਸਾਨਾਂ ਨੇ ਕਿਹਾ ਕੇ ਉਹ ਦਿਨ ਰਾਤ ਮਿਹਨਤ ਕਰ ਫਸਲਾਂ ਨੂੰ ਮੰਡੀਆਂ ਚ ਲੈ ਕੇ ਆਉਂਦੇ ਹਨ ਕੇ ਉਨ੍ਹਾਂ ਨੂੰ ਫਸਲ ਦਾ ਚੰਗਾ ਮੁੱਲ ਮਿਲੇਗਾ ਪਰ ਹੁਣ ਜਦੋਂ

ਉਹ ਆਪਣੀ ਫਸਲ ਨੂੰ ਮੰਡੀਆਂ ਚ ਲੈ ਕੇ ਆ ਰਹੇ ਹਨ ਤਾਂ ਆੜ੍ਹਤੀਏ ਧੱਕੇ ਨਾਲ ਉਨ੍ਹਾਂ ਦੀ ਝੋਨੇ ਦੀ ਫ਼ਸਲ ਦੇ 100 ਕੱਟੇ ਪਿੱਛੇ 5 ਕੱਟੇ ਦਾ ਕੱਟ ਲਗਾ ਕੇ ਫਸਲ ਦੇਣ ਲਈ ਮਜਬੂਰ ਕਰ ਰਹੇ ਹਨ ਜਦਕਿ ਸਰਕਾਰ ਨੇ ਅਜਿਹਾ ਕੋਈ ਫਰਮਾਨ ਜਾਰੀ ਨਹੀਂ ਕੀਤਾ ਜਿਸ ਨਾਲ ਉਨ੍ਹਾਂ ਨੂੰ 100 ਕੱਟੇ ਪਿੱਛੇ 2 ਕੱਟੇ ਕੱਟ ਨਾਲ 4500 ਰੁਪਏ ਦਾ ਘਾਟਾ ਪੈ ਰਿਹਾ ਹੈ ਜਿਸਨੂੰ ਉਹ ਕਦੇ ਵੀ ਬਰਦਾਸ਼ਤ ਨਹੀਂ ਕਰਨਗੇ। ਉਨ੍ਹਾਂ ਦੱਸਿਆ ਕੇ ਢੰਡੋਰ ਮੰਡੀ ਵਿਖੇ ਕਾਲਰਾ ਟਰੇਡਿੰਗ ਕੰਪਨੀ,ਸੰਤ ਬਾਬਾ

ਜਵਾਲਾ ਸਿੰਘ ਟਰੇਡਿੰਗ ਕੰਪਨੀ, ਜੀ. ਐਸ. ਕਾਲਰਾ ਟਰੇਡਿੰਗ ਕੰਪਨੀ ਹੀ ਉਨ੍ਹਾਂ ਦੀ ਫਸਲ ਬਿਨਾਂ ਕੱਟ ਲਗਾਏ ਚੱਕ ਰਹੀ ਹੈ ਪਰ ਬਾਕੀ ਉਨ੍ਹਾਂ ਦੀ ਫਸਲ ਕੱਟ ਲਗਾ ਕੇ ਚੱਕ ਰਹੇ ਹਨ। ਕਿਸਾਨਾਂ ਨੇ ਐਗੇ ਜਾਣਕਾਰੀ ਦਿੰਦੇ ਹੋਏ ਦੱਸਿਆ ਕੇ ਕਾਲਰਾ ਟਰੇਡਿੰਗ ਤਿੰਨ ਟਰੇਡਿੰਗ ਕੰਪਨੀਆਂ ਉਨ੍ਹਾਂ ਦੀ ਫਸਲ ਬਿਨਾਂ ਕੱਟ ਲਗਾਏ ਚੱਕ ਰਹੀਆਂ ਹਨ ਉਨ੍ਹਾਂ ਨੂੰ ਪ੍ਰਸ਼ਾਸਨ ਕਰਨ ਲਈ ਨਾ ਤਾਂ ਉਨ੍ਹਾਂ ਨੂੰ ਬਾਰਦਾਨਾ ਦਿੱਤਾ ਜਾ ਰਿਹਾ ਨਾ ਹੀ ਗੱਡੀਆਂ ਭੇਜ ਲਿਫਟਿੰਗ ਕੀਤੀ ਜਾ ਰਹੀ ਹੈ ਕਿਸਾਨਾਂ ਨੇ

ਚੇਤਾਵਨੀ ਦਿੰਦਿਆਂ ਕਿਹਾ ਕੇ ਜੇਕਰ ਇੱਕ ਦੋ ਦਿਨ ਦੇ ਅੰਦਰ ਆੜਤੀਆਂ ਨੇ ਉਨ੍ਹਾਂ ਦੀ ਫਸਲ ਕੱਟ ਦੇ ਧੱਕੇ ਨਾਲ ਕੱਟ ਲਗਾਉਣਾ ਬੰਦ ਨਹੀਂ ਕੀਤਾ ਤਾਂ ਉਹ ਵੱਡੇ ਪੱਧਰ ਤੇ ਸੰਘਰਸ਼ ਕਰਨਗੇ। ਉਪਰੰਤ ਰਣਜੀਤ ਸਿੰਘ ਕੁੱਕਾਂ ਢੰਡੋਰ (ਸੰਤ ਬਾਬਾ ਜਵਾਲਾ ਸਿੰਘ ਟਰੇਡਿੰਗ ਕੰਪਨੀ),ਕੰਵਰਜੀਤ ਸਿੰਘ ਕਾਲਰਾ (ਕਾਲਰਾ ਟਰੇਡਿੰਗ ਕੰਪਨੀ)ਨੇ ਦੱਸਿਆ ਕੇ ਉਹ ਕਿਸਾਨਾਂ ਦੀ ਫਸਲ ਬਿਨਾਂ ਕੱਟ ਲਗਾਏ ਚੱਕ ਰਹੇ ਹਨ ਉਨ੍ਹਾਂ ਨੂੰ ਨਾ ਤਾਂ ਬਾਰਦਾਨਾ ਦਿੱਤਾ ਜਾ ਰਿਹਾ ਨਾ ਉਨ੍ਹਾਂ ਦੀ ਲਿਫਟਿੰਗ ਹੋ ਰਹੀ ਹੈ ਜੋ ਉਨ੍ਹਾਂ ਨਾਲ ਸਰਾਸਰ ਧੱਕੇਸ਼ਾਹੀ ਹੈ। ਇਸ ਮੌਕੇ ਬਲਜੀਤ ਸਿੰਘ ਨਰੰਗਪੁਰ, ਗੁਰਮੀਤ ਸਿੰਘ ਨਰੰਗਪੁਰ, ਅਵਤਾਰ ਸਿੰਘ ਜਮਸ਼ੇਰ,ਗੁਰਵਿੰਦਰ ਸਿੰਘ ਕੰਟਲੀ, ਅਵਤਾਰ ਸਿੰਘ ਈਸ਼ਰਵਾਲ, ਜਗਤਾ ਸਿੰਘ ਚੌਹਾਨ,ਸੁੱਖਵਿੰਦਰ ਸਿੰਘ ਤੇ ਹੋਰ ਪਿੰਡਾਂ ਦੇ ਕਿਸਾਨ ਹਾਜ਼ਿਰ ਸਨ।
